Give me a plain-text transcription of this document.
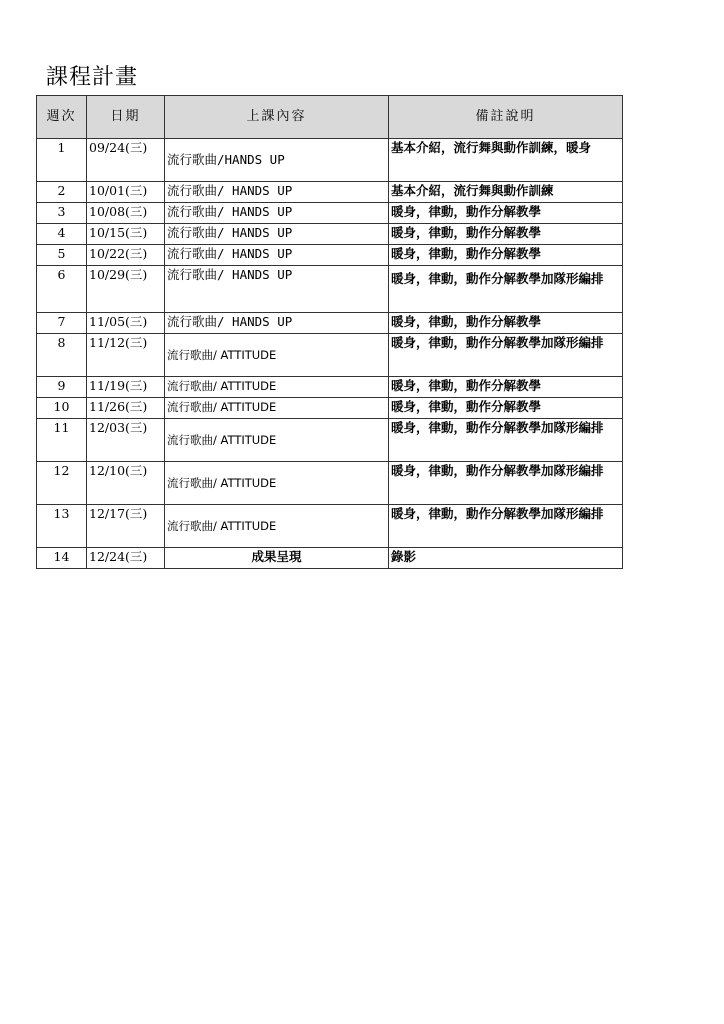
課程計畫
週次	日期	上課內容	備註說明
1	09/24(三)	流行歌曲/HANDS UP	基本介紹，流行舞與動作訓練，暖身
2	10/01(三)	流行歌曲/ HANDS UP	基本介紹，流行舞與動作訓練
3	10/08(三)	流行歌曲/ HANDS UP	暖身，律動，動作分解教學
4	10/15(三)	流行歌曲/ HANDS UP	暖身，律動，動作分解教學
5	10/22(三)	流行歌曲/ HANDS UP	暖身，律動，動作分解教學
6	10/29(三)	流行歌曲/ HANDS UP	暖身，律動，動作分解教學加隊形編排
7	11/05(三)	流行歌曲/ HANDS UP	暖身，律動，動作分解教學
8	11/12(三)	流行歌曲/ ATTITUDE	暖身，律動，動作分解教學加隊形編排
9	11/19(三)	流行歌曲/ ATTITUDE	暖身，律動，動作分解教學
10	11/26(三)	流行歌曲/ ATTITUDE	暖身，律動，動作分解教學
11	12/03(三)	流行歌曲/ ATTITUDE	暖身，律動，動作分解教學加隊形編排
12	12/10(三)	流行歌曲/ ATTITUDE	暖身，律動，動作分解教學加隊形編排
13	12/17(三)	流行歌曲/ ATTITUDE	暖身，律動，動作分解教學加隊形編排
14	12/24(三)	成果呈現	錄影
